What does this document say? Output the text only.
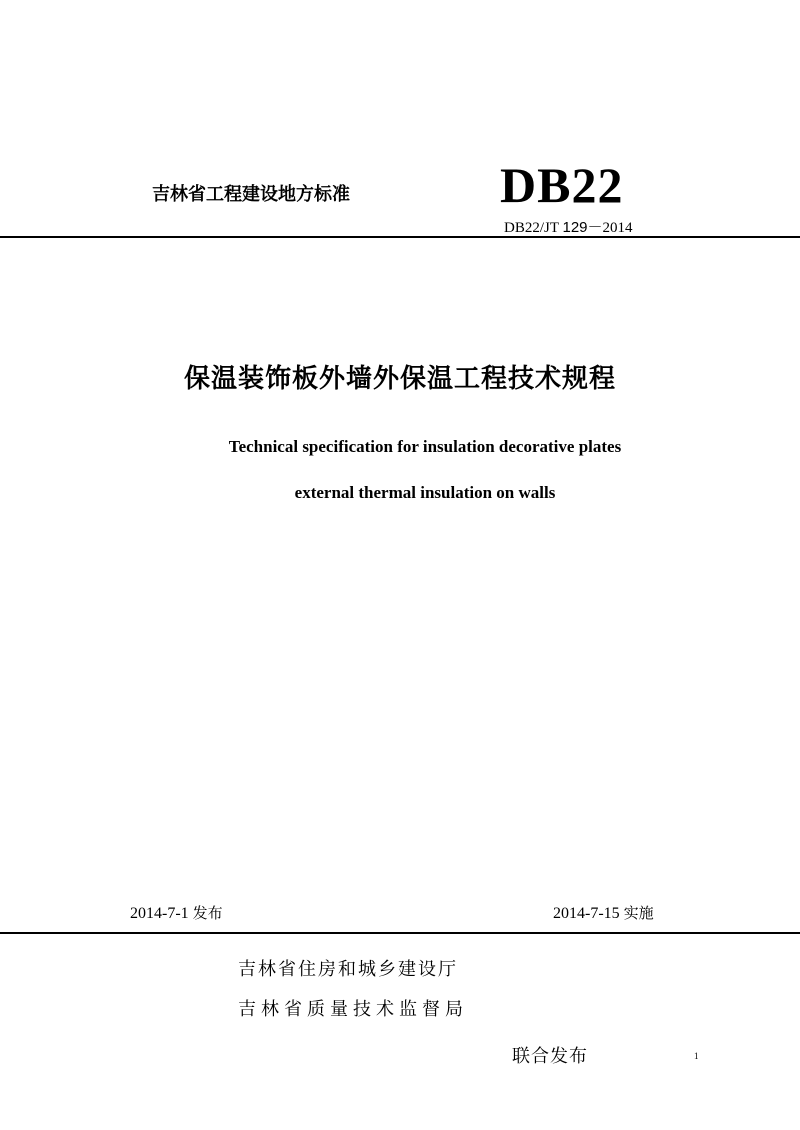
吉林省工程建设地方标准	DB22
DB22/JT 129－2014
保温装饰板外墙外保温工程技术规程
Technical specification for insulation decorative plates
external thermal insulation on walls
2014-7-1 发布	2014-7-15 实施
吉林省住房和城乡建设厅
吉林省质量技术监督局
联合发布	1
